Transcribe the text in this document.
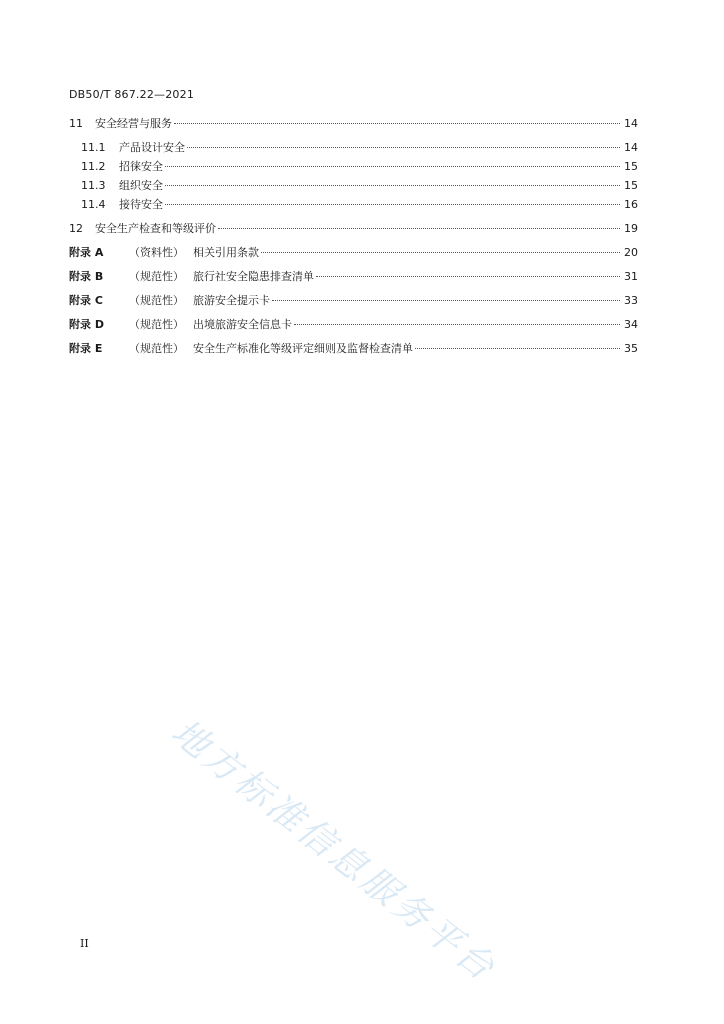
DB50/T 867.22—2021
11	安全经营与服务	14
11.1	产品设计安全	14
11.2	招徕安全	15
11.3	组织安全	15
11.4	接待安全	16
12	安全生产检查和等级评价	19
附录 A	（资料性） 相关引用条款	20
附录 B	（规范性） 旅行社安全隐患排查清单	31
附录 C	（规范性） 旅游安全提示卡	33
附录 D	（规范性） 出境旅游安全信息卡	34
附录 E	（规范性） 安全生产标准化等级评定细则及监督检查清单	35
地方标准信息服务平台
II
